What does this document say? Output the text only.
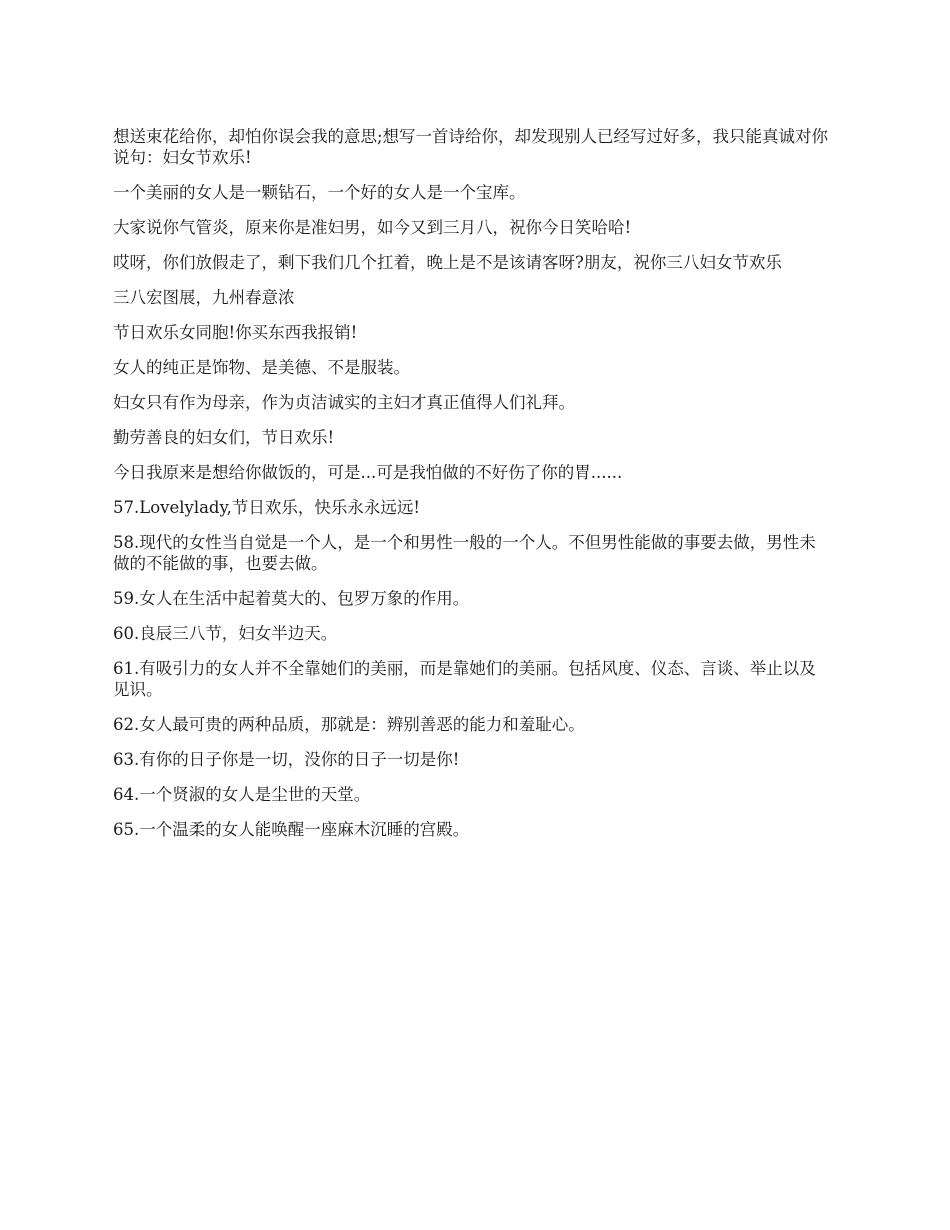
想送束花给你，却怕你误会我的意思;想写一首诗给你，却发现别人已经写过好多，我只能真诚对你说句：妇女节欢乐!

一个美丽的女人是一颗钻石，一个好的女人是一个宝库。

大家说你气管炎，原来你是准妇男，如今又到三月八，祝你今日笑哈哈!

哎呀，你们放假走了，剩下我们几个扛着，晚上是不是该请客呀?朋友，祝你三八妇女节欢乐

三八宏图展，九州春意浓

节日欢乐女同胞!你买东西我报销!

女人的纯正是饰物、是美德、不是服装。

妇女只有作为母亲，作为贞洁诚实的主妇才真正值得人们礼拜。

勤劳善良的妇女们，节日欢乐!

今日我原来是想给你做饭的，可是...可是我怕做的不好伤了你的胃......

57.Lovelylady,节日欢乐，快乐永永远远!

58.现代的女性当自觉是一个人，是一个和男性一般的一个人。不但男性能做的事要去做，男性未做的不能做的事，也要去做。

59.女人在生活中起着莫大的、包罗万象的作用。

60.良辰三八节，妇女半边天。

61.有吸引力的女人并不全靠她们的美丽，而是靠她们的美丽。包括风度、仪态、言谈、举止以及见识。

62.女人最可贵的两种品质，那就是：辨别善恶的能力和羞耻心。

63.有你的日子你是一切，没你的日子一切是你!

64.一个贤淑的女人是尘世的天堂。

65.一个温柔的女人能唤醒一座麻木沉睡的宫殿。
